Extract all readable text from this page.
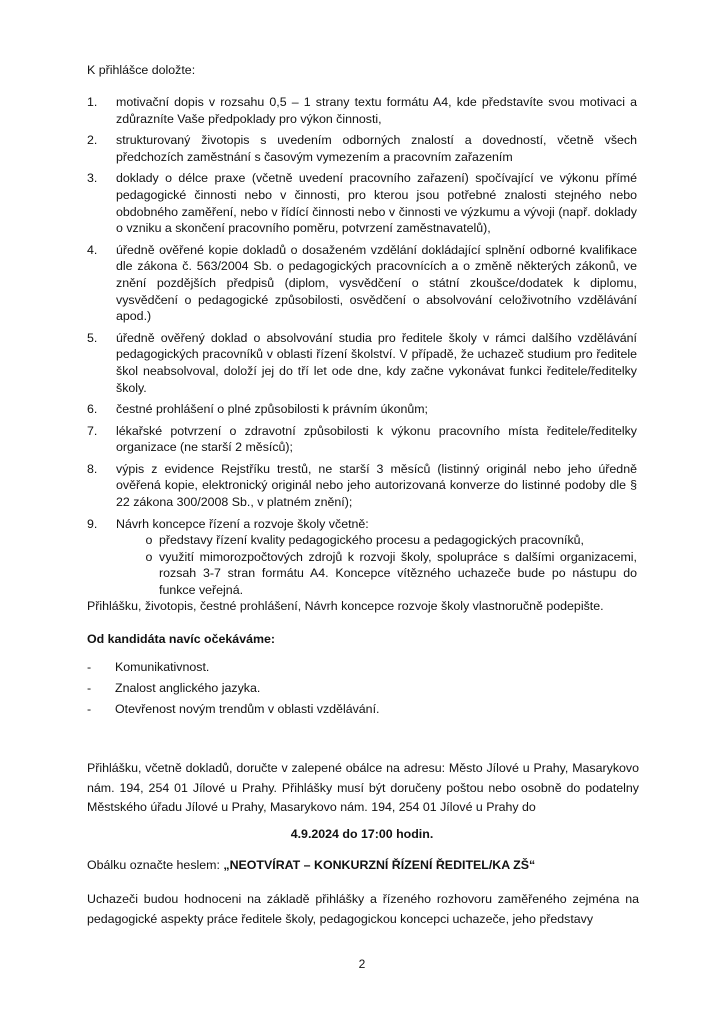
K přihlášce doložte:
1.	motivační dopis v rozsahu 0,5 – 1 strany textu formátu A4, kde představíte svou motivaci a zdůrazníte Vaše předpoklady pro výkon činnosti,
2.	strukturovaný životopis s uvedením odborných znalostí a dovedností, včetně všech předchozích zaměstnání s časovým vymezením a pracovním zařazením
3.	doklady o délce praxe (včetně uvedení pracovního zařazení) spočívající ve výkonu přímé pedagogické činnosti nebo v činnosti, pro kterou jsou potřebné znalosti stejného nebo obdobného zaměření, nebo v řídící činnosti nebo v činnosti ve výzkumu a vývoji (např. doklady o vzniku a skončení pracovního poměru, potvrzení zaměstnavatelů),
4.	úředně ověřené kopie dokladů o dosaženém vzdělání dokládající splnění odborné kvalifikace dle zákona č. 563/2004 Sb. o pedagogických pracovnících a o změně některých zákonů, ve znění pozdějších předpisů (diplom, vysvědčení o státní zkoušce/dodatek k diplomu, vysvědčení o pedagogické způsobilosti, osvědčení o absolvování celoživotního vzdělávání apod.)
5.	úředně ověřený doklad o absolvování studia pro ředitele školy v rámci dalšího vzdělávání pedagogických pracovníků v oblasti řízení školství. V případě, že uchazeč studium pro ředitele škol neabsolvoval, doloží jej do tří let ode dne, kdy začne vykonávat funkci ředitele/ředitelky školy.
6.	čestné prohlášení o plné způsobilosti k právním úkonům;
7.	lékařské potvrzení o zdravotní způsobilosti k výkonu pracovního místa ředitele/ředitelky organizace (ne starší 2 měsíců);
8.	výpis z evidence Rejstříku trestů, ne starší 3 měsíců (listinný originál nebo jeho úředně ověřená kopie, elektronický originál nebo jeho autorizovaná konverze do listinné podoby dle § 22 zákona 300/2008 Sb., v platném znění);
9.	Návrh koncepce řízení a rozvoje školy včetně:
o představy řízení kvality pedagogického procesu a pedagogických pracovníků,
o využití mimorozpočtových zdrojů k rozvoji školy, spolupráce s dalšími organizacemi, rozsah 3-7 stran formátu A4. Koncepce vítězného uchazeče bude po nástupu do funkce veřejná.
Přihlášku, životopis, čestné prohlášení, Návrh koncepce rozvoje školy vlastnoručně podepište.
Od kandidáta navíc očekáváme:
-	Komunikativnost.
-	Znalost anglického jazyka.
-	Otevřenost novým trendům v oblasti vzdělávání.
Přihlášku, včetně dokladů, doručte v zalepené obálce na adresu: Město Jílové u Prahy, Masarykovo nám. 194, 254 01 Jílové u Prahy. Přihlášky musí být doručeny poštou nebo osobně do podatelny Městského úřadu Jílové u Prahy, Masarykovo nám. 194, 254 01 Jílové u Prahy do
4.9.2024 do 17:00 hodin.
Obálku označte heslem: „NEOTVÍRAT – KONKURZNÍ ŘÍZENÍ ŘEDITEL/KA ZŠ“
Uchazeči budou hodnoceni na základě přihlášky a řízeného rozhovoru zaměřeného zejména na pedagogické aspekty práce ředitele školy, pedagogickou koncepci uchazeče, jeho představy
2
